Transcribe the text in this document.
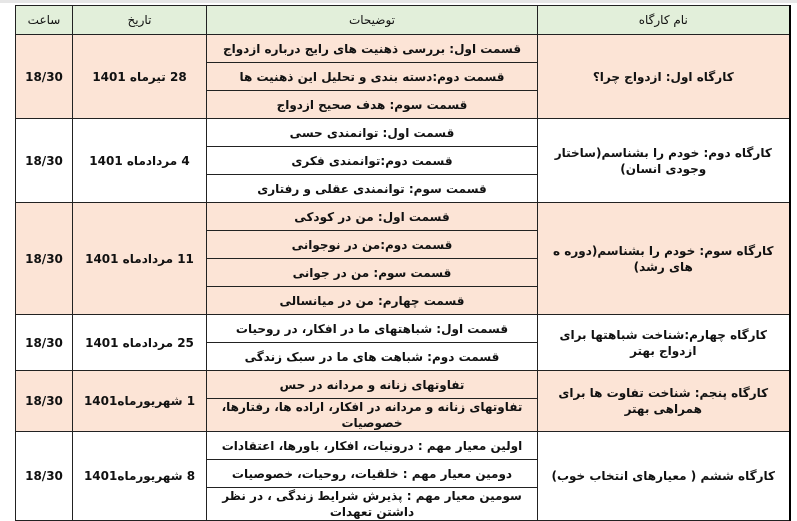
نام کارگاه	توضیحات	تاریخ	ساعت
کارگاه اول: ازدواج چرا؟	قسمت اول: بررسی ذهنیت های رایج درباره ازدواج	28 تیرماه 1401	18/30
	قسمت دوم:دسته بندی و تحلیل این ذهنیت ها		
	قسمت سوم: هدف صحیح ازدواج		
کارگاه دوم: خودم را بشناسم(ساختار وجودی انسان)	قسمت اول: توانمندی حسی	4 مردادماه 1401	18/30
	قسمت دوم:توانمندی فکری		
	قسمت سوم: توانمندی عقلی و رفتاری		
کارگاه سوم: خودم را بشناسم(دوره ه های رشد)	قسمت اول: من در کودکی	11 مردادماه 1401	18/30
	قسمت دوم:من در نوجوانی		
	قسمت سوم: من در جوانی		
	قسمت چهارم: من در میانسالی		
کارگاه چهارم:شناخت شباهتها برای ازدواج بهتر	قسمت اول: شباهتهای ما در افکار، در روحیات	25 مردادماه 1401	18/30
	قسمت دوم: شباهت های ما در سبک زندگی		
کارگاه پنجم: شناخت تفاوت ها برای همراهی بهتر	تفاوتهای زنانه و مردانه در حس	1 شهریورماه1401	18/30
	تفاوتهای زنانه و مردانه در افکار، اراده ها، رفتارها، خصوصیات		
کارگاه ششم ( معیارهای انتخاب خوب)	اولین معیار مهم : درونیات، افکار، باورها، اعتقادات	8 شهریورماه1401	18/30
	دومین معیار مهم : خلقیات، روحیات، خصوصیات		
	سومین معیار مهم : پذیرش شرایط زندگی ، در نظر داشتن تعهدات		
